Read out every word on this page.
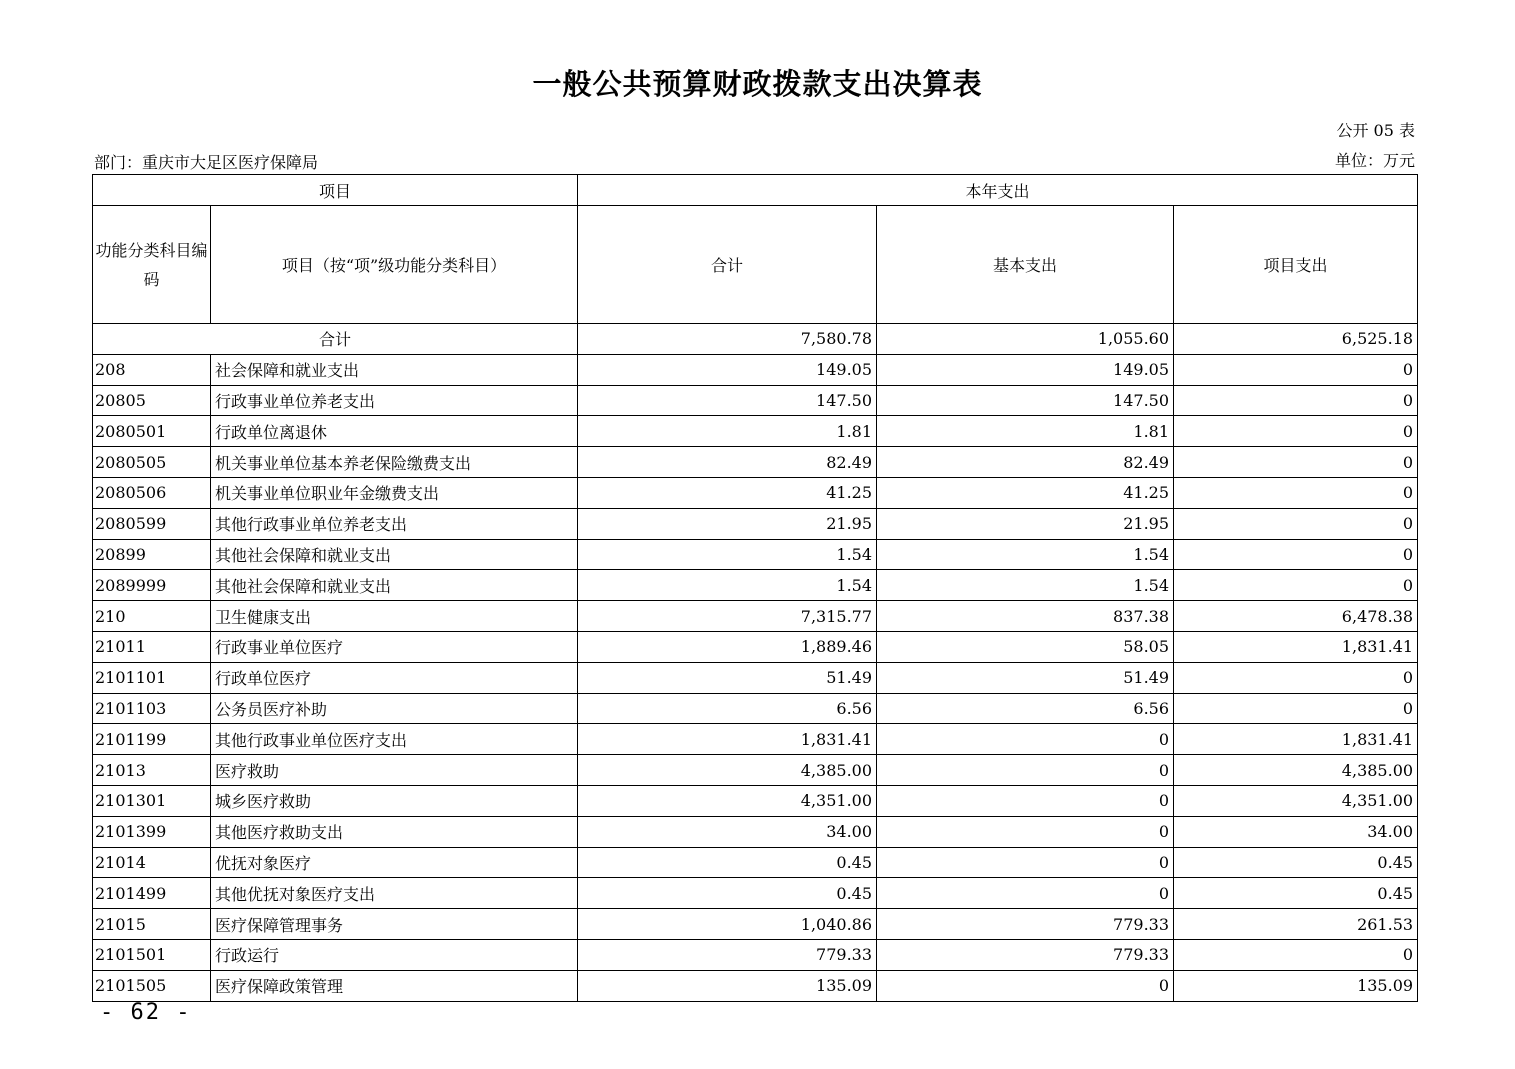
一般公共预算财政拨款支出决算表
公开 05 表
部门：重庆市大足区医疗保障局	单位：万元
项目		本年支出		
功能分类科目编码	项目（按“项”级功能分类科目）	合计	基本支出	项目支出
合计		7,580.78	1,055.60	6,525.18
208	社会保障和就业支出	149.05	149.05	0
20805	行政事业单位养老支出	147.50	147.50	0
2080501	行政单位离退休	1.81	1.81	0
2080505	机关事业单位基本养老保险缴费支出	82.49	82.49	0
2080506	机关事业单位职业年金缴费支出	41.25	41.25	0
2080599	其他行政事业单位养老支出	21.95	21.95	0
20899	其他社会保障和就业支出	1.54	1.54	0
2089999	其他社会保障和就业支出	1.54	1.54	0
210	卫生健康支出	7,315.77	837.38	6,478.38
21011	行政事业单位医疗	1,889.46	58.05	1,831.41
2101101	行政单位医疗	51.49	51.49	0
2101103	公务员医疗补助	6.56	6.56	0
2101199	其他行政事业单位医疗支出	1,831.41	0	1,831.41
21013	医疗救助	4,385.00	0	4,385.00
2101301	城乡医疗救助	4,351.00	0	4,351.00
2101399	其他医疗救助支出	34.00	0	34.00
21014	优抚对象医疗	0.45	0	0.45
2101499	其他优抚对象医疗支出	0.45	0	0.45
21015	医疗保障管理事务	1,040.86	779.33	261.53
2101501	行政运行	779.33	779.33	0
2101505	医疗保障政策管理	135.09	0	135.09
- 62 -
